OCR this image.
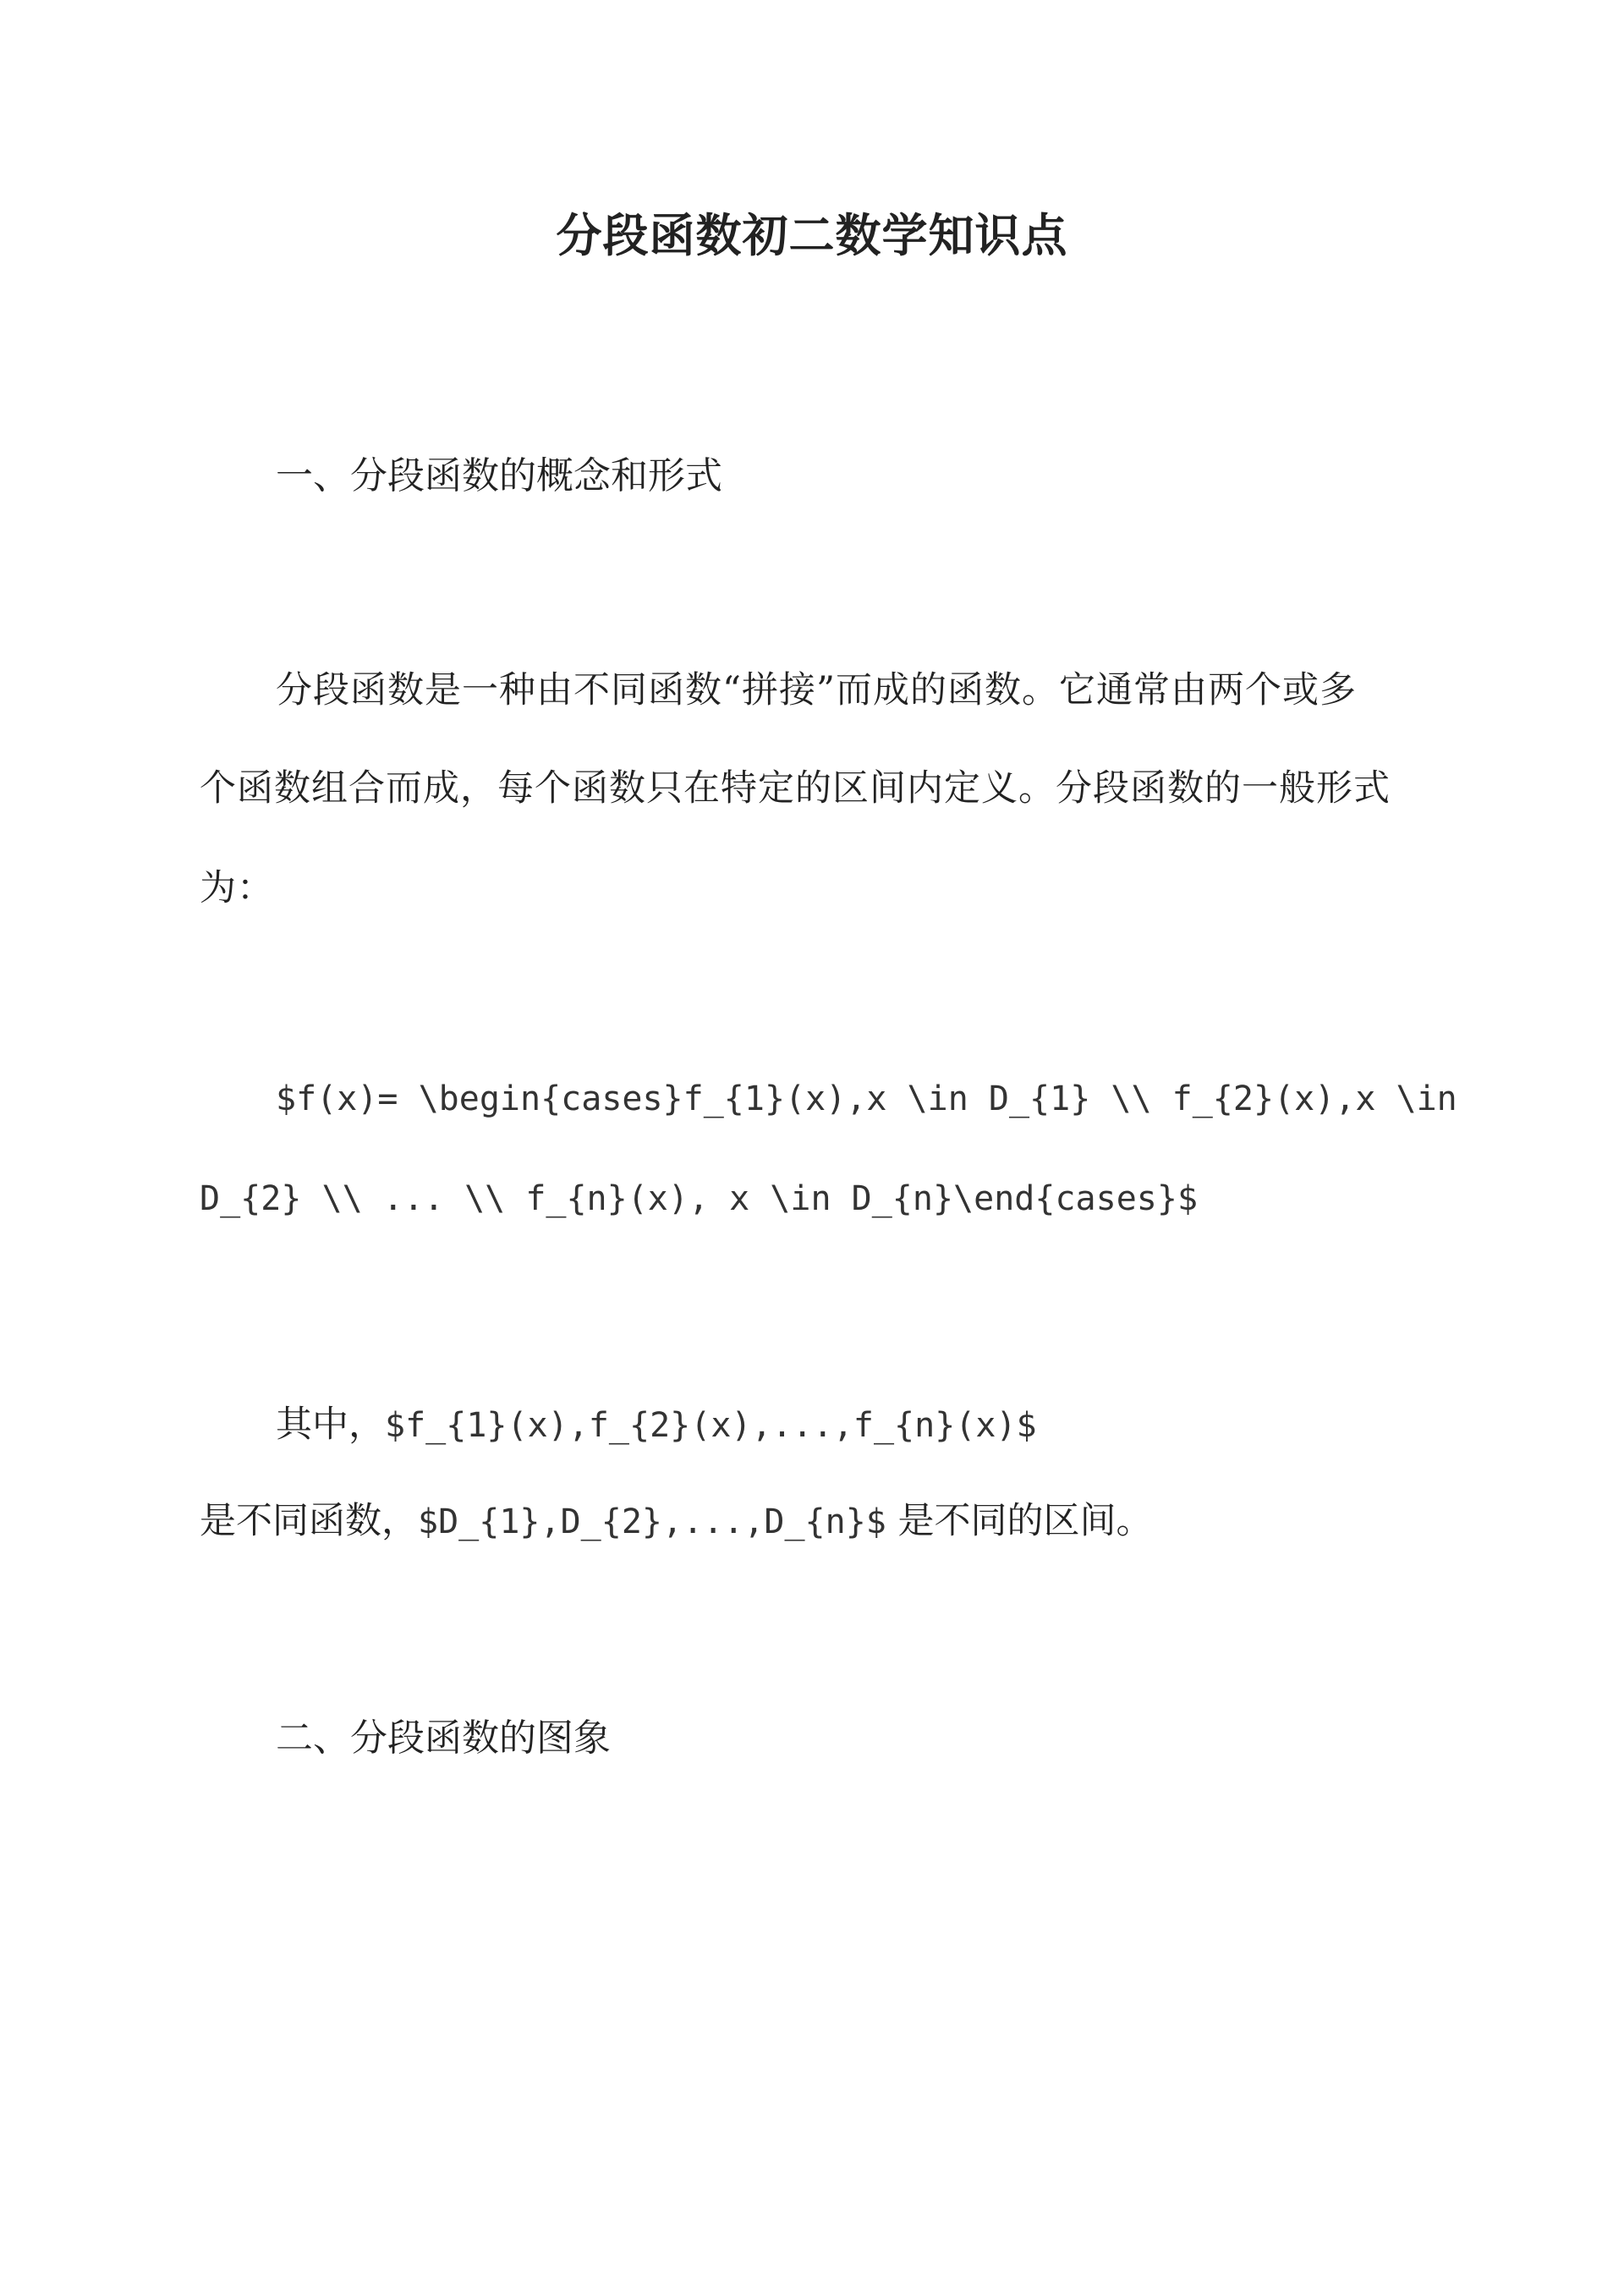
分段函数初二数学知识点

一、分段函数的概念和形式

分段函数是一种由不同函数“拼接”而成的函数。它通常由两个或多

个函数组合而成，每个函数只在特定的区间内定义。分段函数的一般形式

为：

$f(x)= \begin{cases}f_{1}(x),x \in D_{1} \\ f_{2}(x),x \in

D_{2} \\ ... \\ f_{n}(x), x \in D_{n}\end{cases}$

其中，$f_{1}(x),f_{2}(x),...,f_{n}(x)$

是不同函数，$D_{1},D_{2},...,D_{n}$ 是不同的区间。

二、分段函数的图象
